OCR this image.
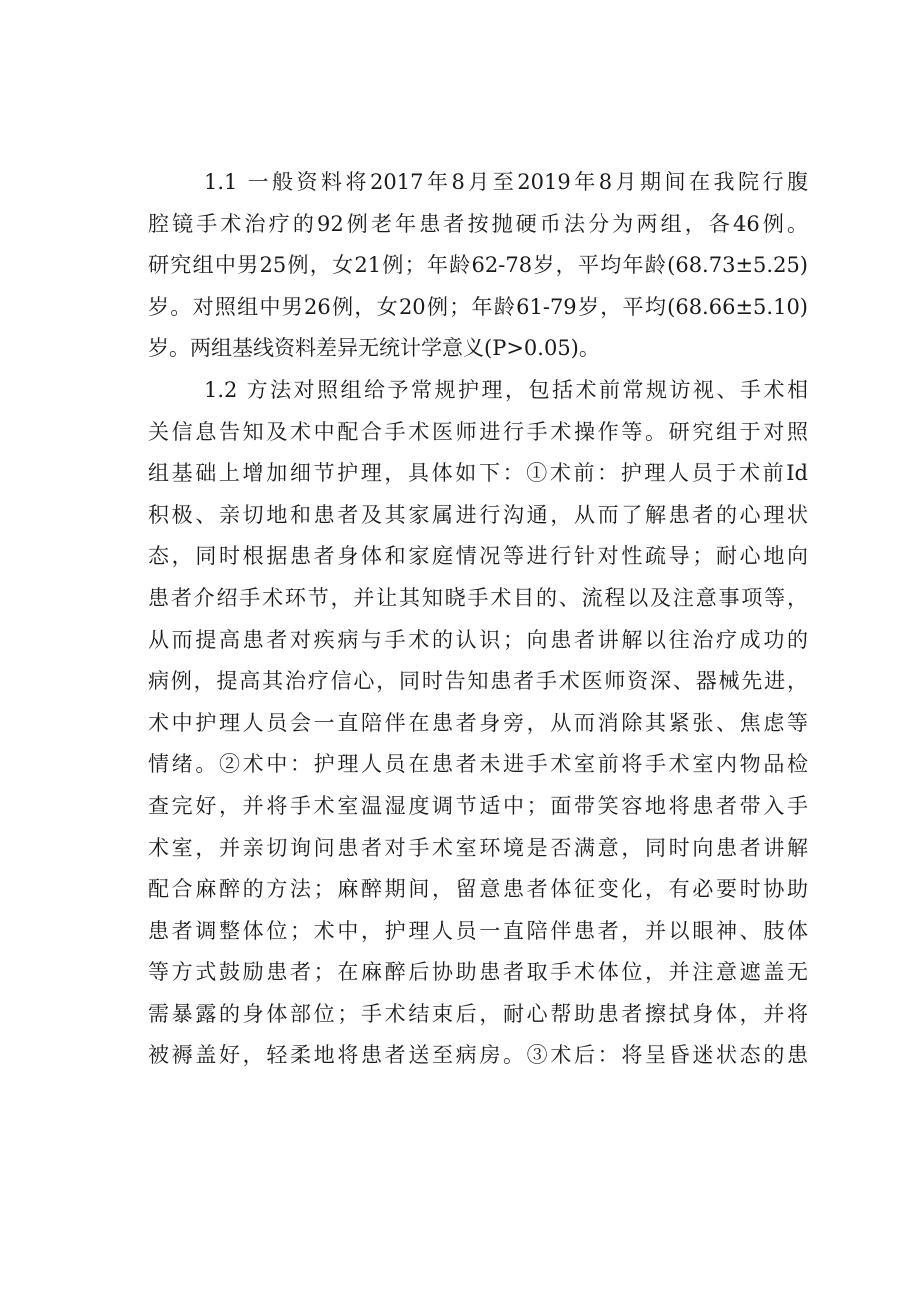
1.1 一般资料将2017年8月至2019年8月期间在我院行腹
腔镜手术治疗的92例老年患者按抛硬币法分为两组，各46例。
研究组中男25例，女21例；年龄62-78岁，平均年龄(68.73±5.25)
岁。对照组中男26例，女20例；年龄61-79岁，平均(68.66±5.10)
岁。两组基线资料差异无统计学意义(P>0.05)。
1.2 方法对照组给予常规护理，包括术前常规访视、手术相
关信息告知及术中配合手术医师进行手术操作等。研究组于对照
组基础上增加细节护理，具体如下：①术前：护理人员于术前Id
积极、亲切地和患者及其家属进行沟通，从而了解患者的心理状
态，同时根据患者身体和家庭情况等进行针对性疏导；耐心地向
患者介绍手术环节，并让其知晓手术目的、流程以及注意事项等，
从而提高患者对疾病与手术的认识；向患者讲解以往治疗成功的
病例，提高其治疗信心，同时告知患者手术医师资深、器械先进，
术中护理人员会一直陪伴在患者身旁，从而消除其紧张、焦虑等
情绪。②术中：护理人员在患者未进手术室前将手术室内物品检
查完好，并将手术室温湿度调节适中；面带笑容地将患者带入手
术室，并亲切询问患者对手术室环境是否满意，同时向患者讲解
配合麻醉的方法；麻醉期间，留意患者体征变化，有必要时协助
患者调整体位；术中，护理人员一直陪伴患者，并以眼神、肢体
等方式鼓励患者；在麻醉后协助患者取手术体位，并注意遮盖无
需暴露的身体部位；手术结束后，耐心帮助患者擦拭身体，并将
被褥盖好，轻柔地将患者送至病房。③术后：将呈昏迷状态的患
